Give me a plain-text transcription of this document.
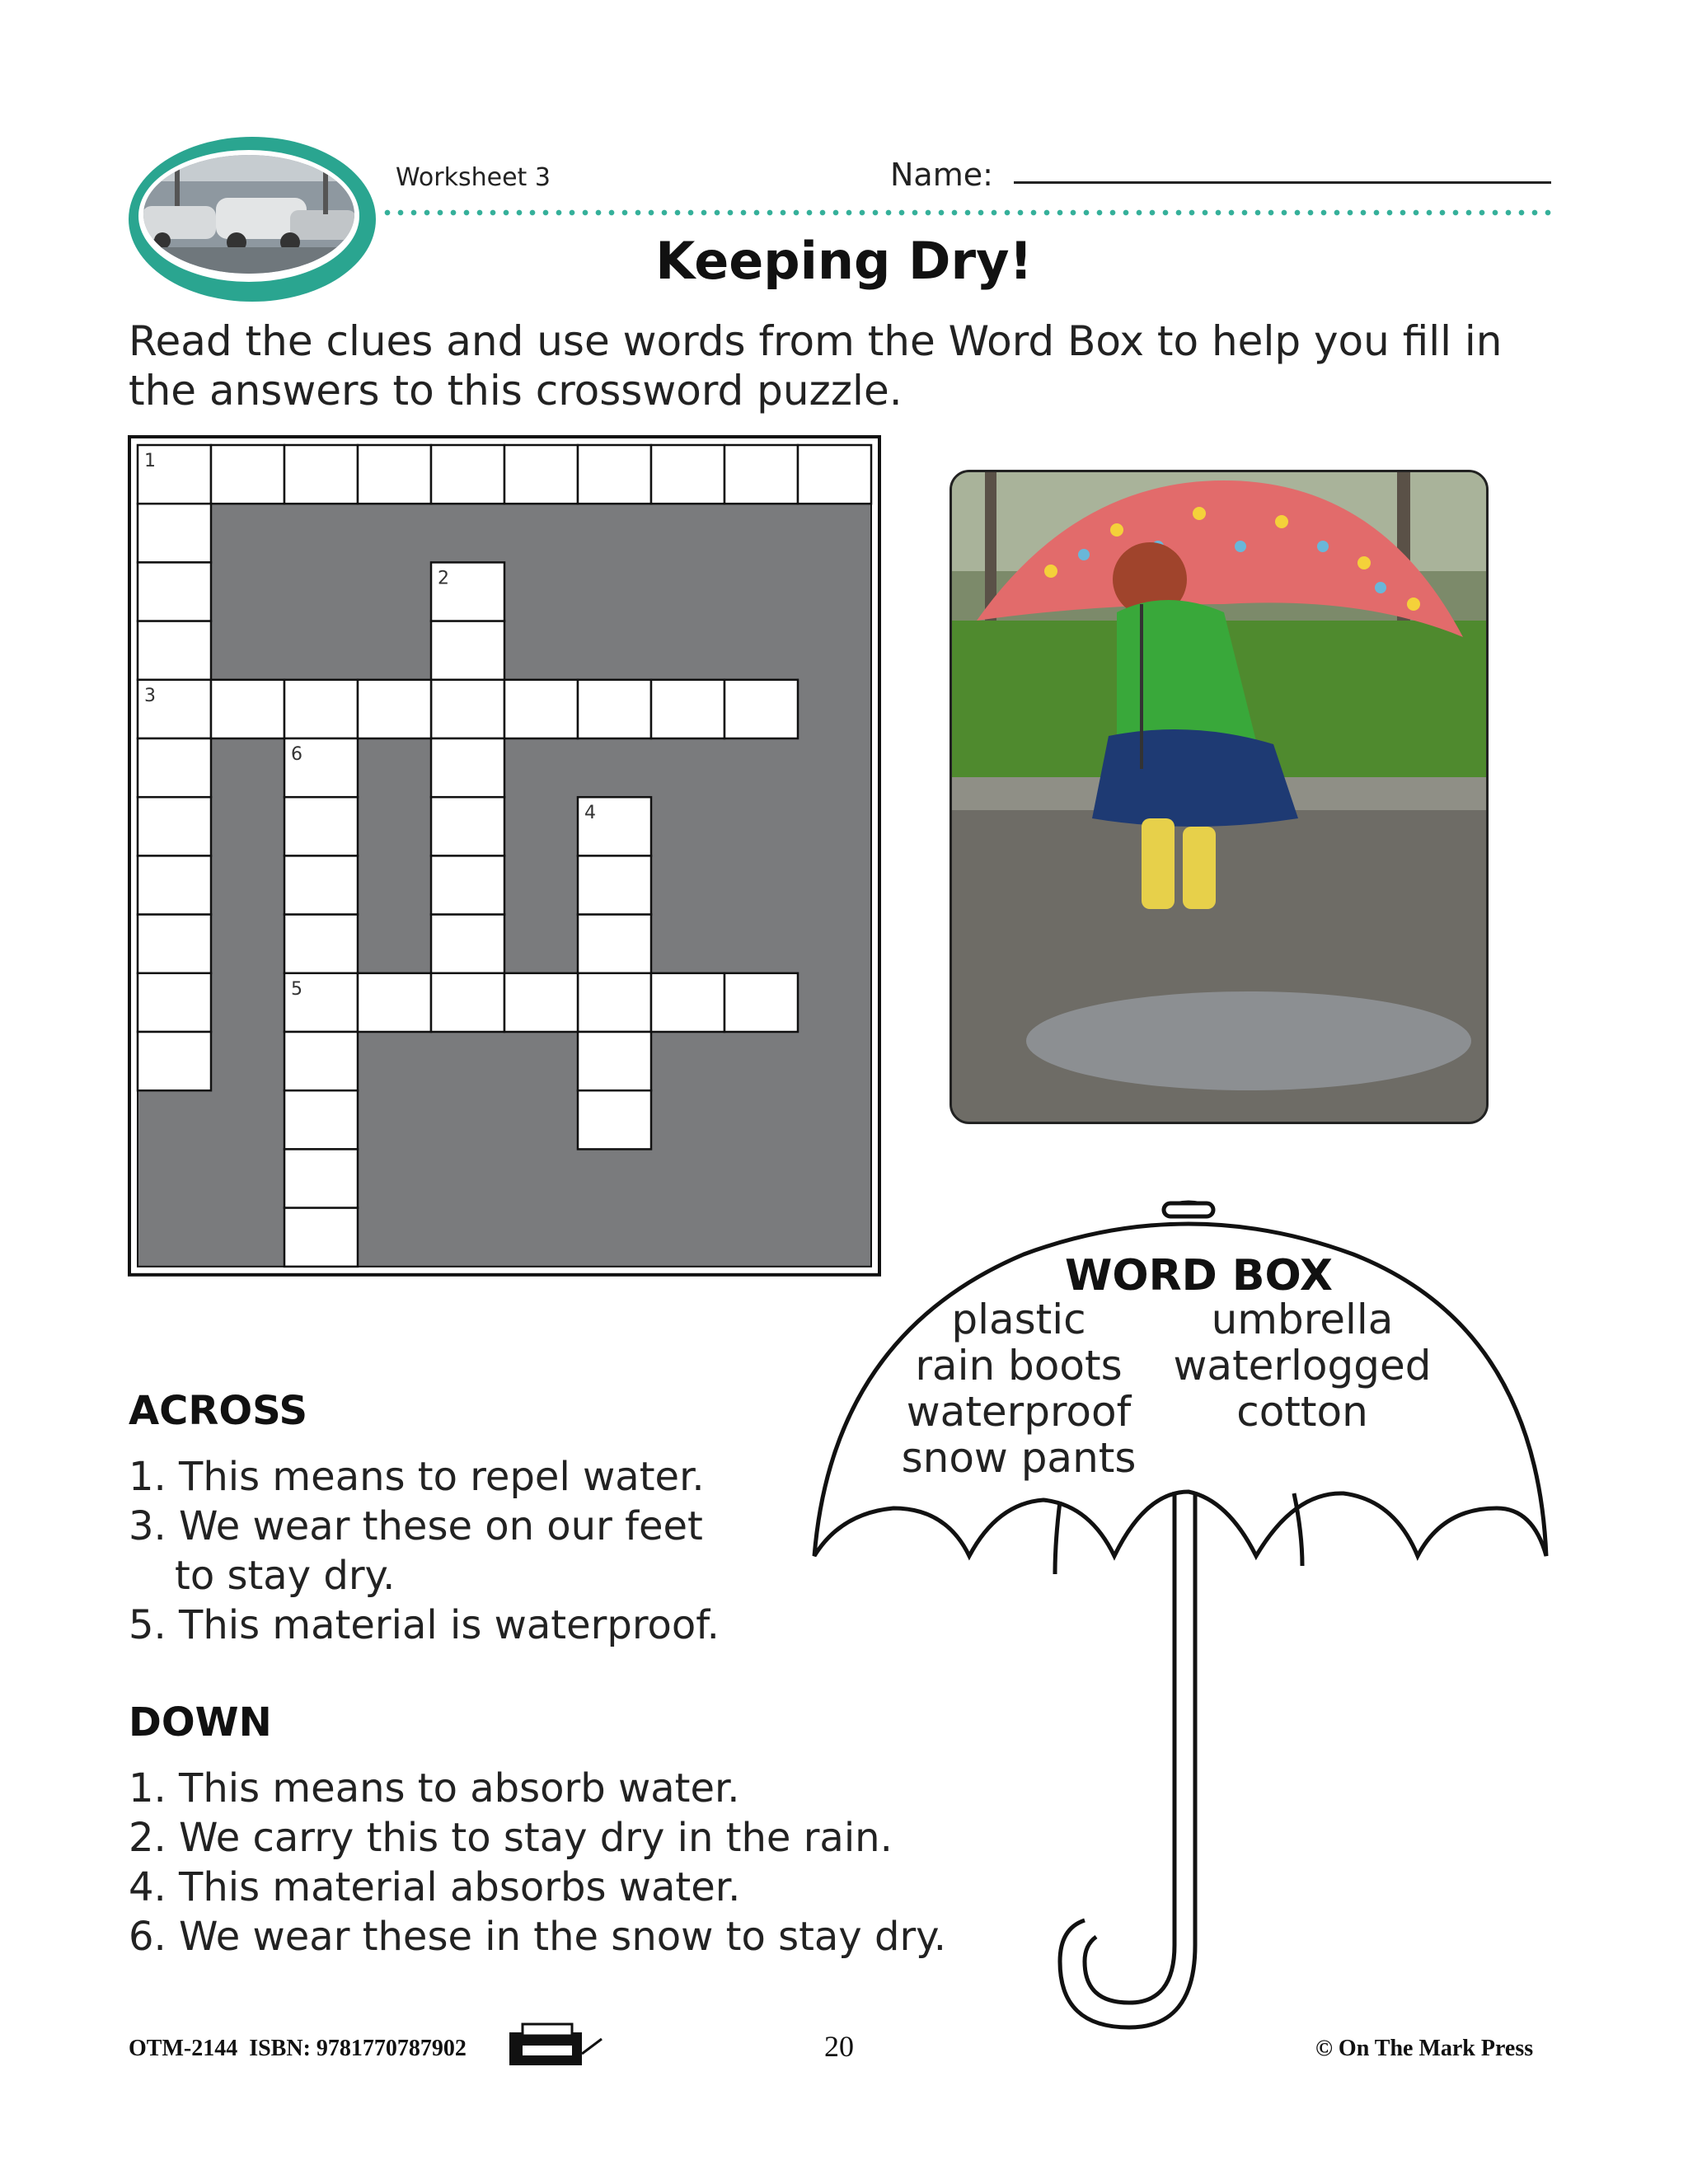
Worksheet 3	Name:
Keeping Dry!
Read the clues and use words from the Word Box to help you fill in the answers to this crossword puzzle.
1
2
3
4
5
6
WORD BOX
plastic
rain boots
waterproof
snow pants
umbrella
waterlogged
cotton
ACROSS
1. This means to repel water.
3. We wear these on our feet
to stay dry.
5. This material is waterproof.
DOWN
1. This means to absorb water.
2. We carry this to stay dry in the rain.
4. This material absorbs water.
6. We wear these in the snow to stay dry.
OTM-2144  ISBN: 9781770787902	20	© On The Mark Press
